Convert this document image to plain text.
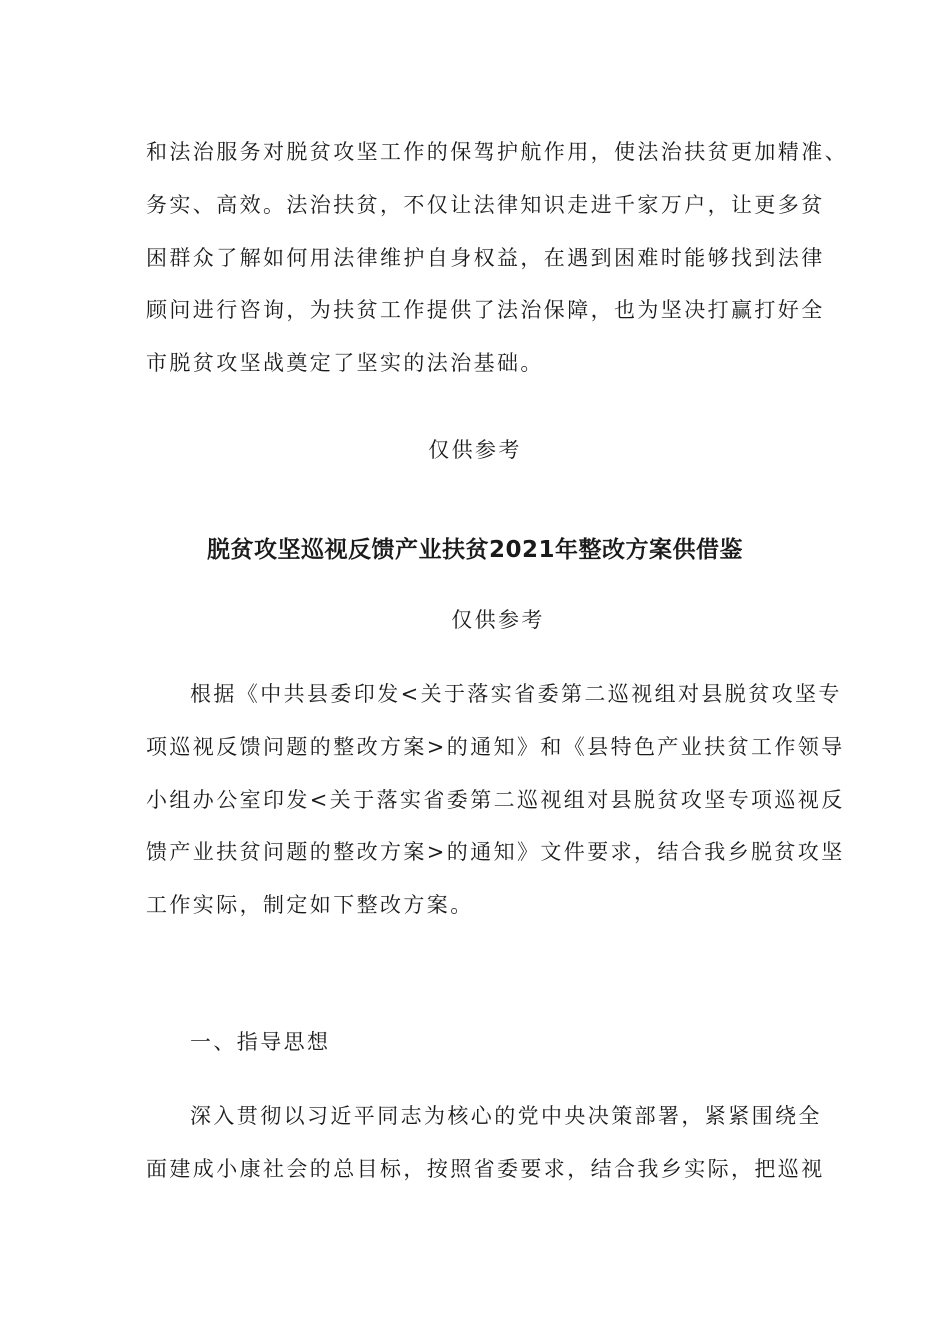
和法治服务对脱贫攻坚工作的保驾护航作用，使法治扶贫更加精准、
务实、高效。法治扶贫，不仅让法律知识走进千家万户，让更多贫
困群众了解如何用法律维护自身权益，在遇到困难时能够找到法律
顾问进行咨询，为扶贫工作提供了法治保障，也为坚决打赢打好全
市脱贫攻坚战奠定了坚实的法治基础。
仅供参考
脱贫攻坚巡视反馈产业扶贫2021年整改方案供借鉴
仅供参考
根据《中共县委印发<关于落实省委第二巡视组对县脱贫攻坚专
项巡视反馈问题的整改方案>的通知》和《县特色产业扶贫工作领导
小组办公室印发<关于落实省委第二巡视组对县脱贫攻坚专项巡视反
馈产业扶贫问题的整改方案>的通知》文件要求，结合我乡脱贫攻坚
工作实际，制定如下整改方案。
一、指导思想
深入贯彻以习近平同志为核心的党中央决策部署，紧紧围绕全
面建成小康社会的总目标，按照省委要求，结合我乡实际，把巡视
